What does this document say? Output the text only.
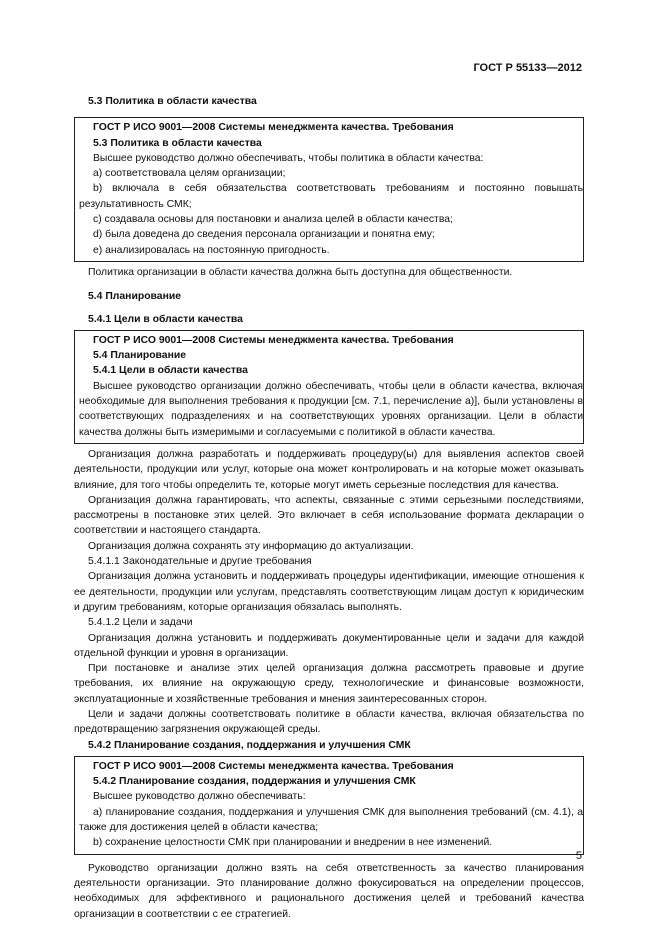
ГОСТ Р 55133—2012

5.3 Политика в области качества

ГОСТ Р ИСО 9001—2008 Системы менеджмента качества. Требования

5.3 Политика в области качества

Высшее руководство должно обеспечивать, чтобы политика в области качества:

а) соответствовала целям организации;

b) включала в себя обязательства соответствовать требованиям и постоянно повышать результативность СМК;

с) создавала основы для постановки и анализа целей в области качества;

d) была доведена до сведения персонала организации и понятна ему;

е) анализировалась на постоянную пригодность.

Политика организации в области качества должна быть доступна для общественности.

5.4 Планирование

5.4.1 Цели в области качества

ГОСТ Р ИСО 9001—2008 Системы менеджмента качества. Требования

5.4 Планирование

5.4.1 Цели в области качества

Высшее руководство организации должно обеспечивать, чтобы цели в области качества, включая необходимые для выполнения требования к продукции [см. 7.1, перечисление а)], были установлены в соответствующих подразделениях и на соответствующих уровнях организации. Цели в области качества должны быть измеримыми и согласуемыми с политикой в области качества.

Организация должна разработать и поддерживать процедуру(ы) для выявления аспектов своей деятельности, продукции или услуг, которые она может контролировать и на которые может оказывать влияние, для того чтобы определить те, которые могут иметь серьезные последствия для качества.

Организация должна гарантировать, что аспекты, связанные с этими серьезными последствиями, рассмотрены в постановке этих целей. Это включает в себя использование формата декларации о соответствии и настоящего стандарта.

Организация должна сохранять эту информацию до актуализации.

5.4.1.1 Законодательные и другие требования

Организация должна установить и поддерживать процедуры идентификации, имеющие отношения к ее деятельности, продукции или услугам, представлять соответствующим лицам доступ к юридическим и другим требованиям, которые организация обязалась выполнять.

5.4.1.2 Цели и задачи

Организация должна установить и поддерживать документированные цели и задачи для каждой отдельной функции и уровня в организации.

При постановке и анализе этих целей организация должна рассмотреть правовые и другие требования, их влияние на окружающую среду, технологические и финансовые возможности, эксплуатационные и хозяйственные требования и мнения заинтересованных сторон.

Цели и задачи должны соответствовать политике в области качества, включая обязательства по предотвращению загрязнения окружающей среды.

5.4.2 Планирование создания, поддержания и улучшения СМК

ГОСТ Р ИСО 9001—2008 Системы менеджмента качества. Требования

5.4.2 Планирование создания, поддержания и улучшения СМК

Высшее руководство должно обеспечивать:

а) планирование создания, поддержания и улучшения СМК для выполнения требований (см. 4.1), а также для достижения целей в области качества;

b) сохранение целостности СМК при планировании и внедрении в нее изменений.

Руководство организации должно взять на себя ответственность за качество планирования деятельности организации. Это планирование должно фокусироваться на определении процессов, необходимых для эффективного и рационального достижения целей и требований качества организации в соответствии с ее стратегией.

5
